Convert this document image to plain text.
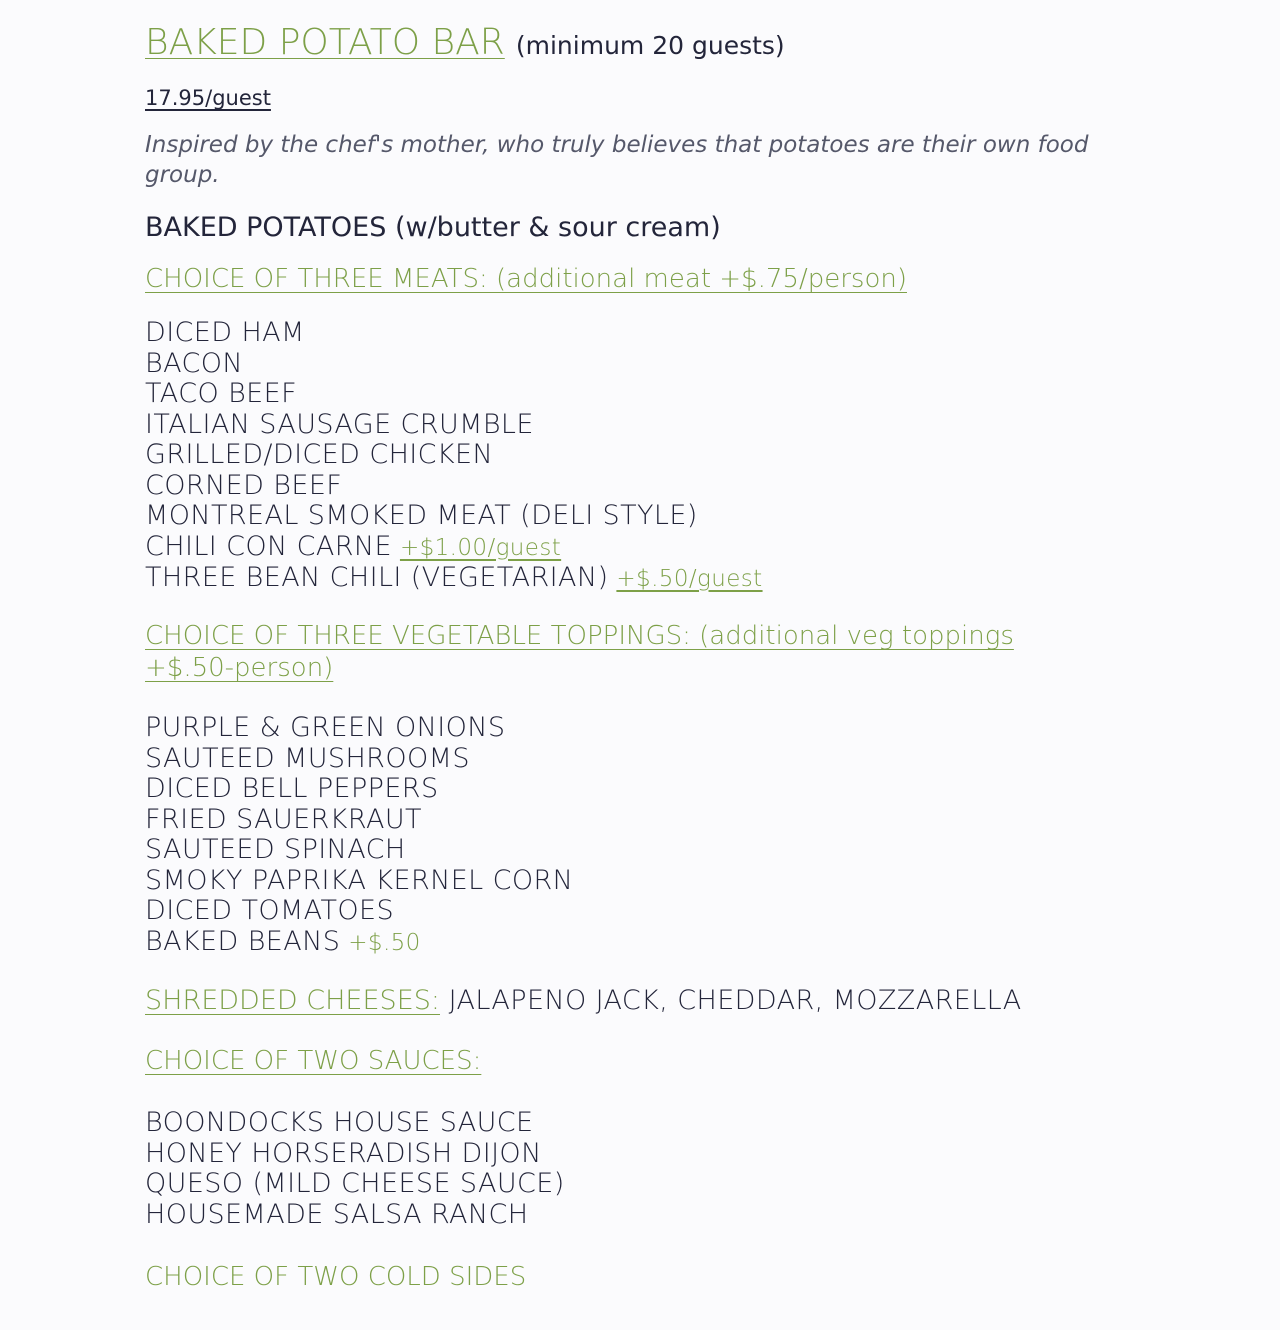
BAKED POTATO BAR (minimum 20 guests)

17.95/guest

Inspired by the chef's mother, who truly believes that potatoes are their own food group.

BAKED POTATOES (w/butter & sour cream)

CHOICE OF THREE MEATS: (additional meat +$.75/person)

DICED HAM
BACON
TACO BEEF
ITALIAN SAUSAGE CRUMBLE
GRILLED/DICED CHICKEN
CORNED BEEF
MONTREAL SMOKED MEAT (DELI STYLE)
CHILI CON CARNE +$1.00/guest
THREE BEAN CHILI (VEGETARIAN) +$.50/guest

CHOICE OF THREE VEGETABLE TOPPINGS: (additional veg toppings +$.50-person)

PURPLE & GREEN ONIONS
SAUTEED MUSHROOMS
DICED BELL PEPPERS
FRIED SAUERKRAUT
SAUTEED SPINACH
SMOKY PAPRIKA KERNEL CORN
DICED TOMATOES
BAKED BEANS +$.50
SHREDDED CHEESES: JALAPENO JACK, CHEDDAR, MOZZARELLA

CHOICE OF TWO SAUCES:

BOONDOCKS HOUSE SAUCE
HONEY HORSERADISH DIJON
QUESO (MILD CHEESE SAUCE)
HOUSEMADE SALSA RANCH

CHOICE OF TWO COLD SIDES
